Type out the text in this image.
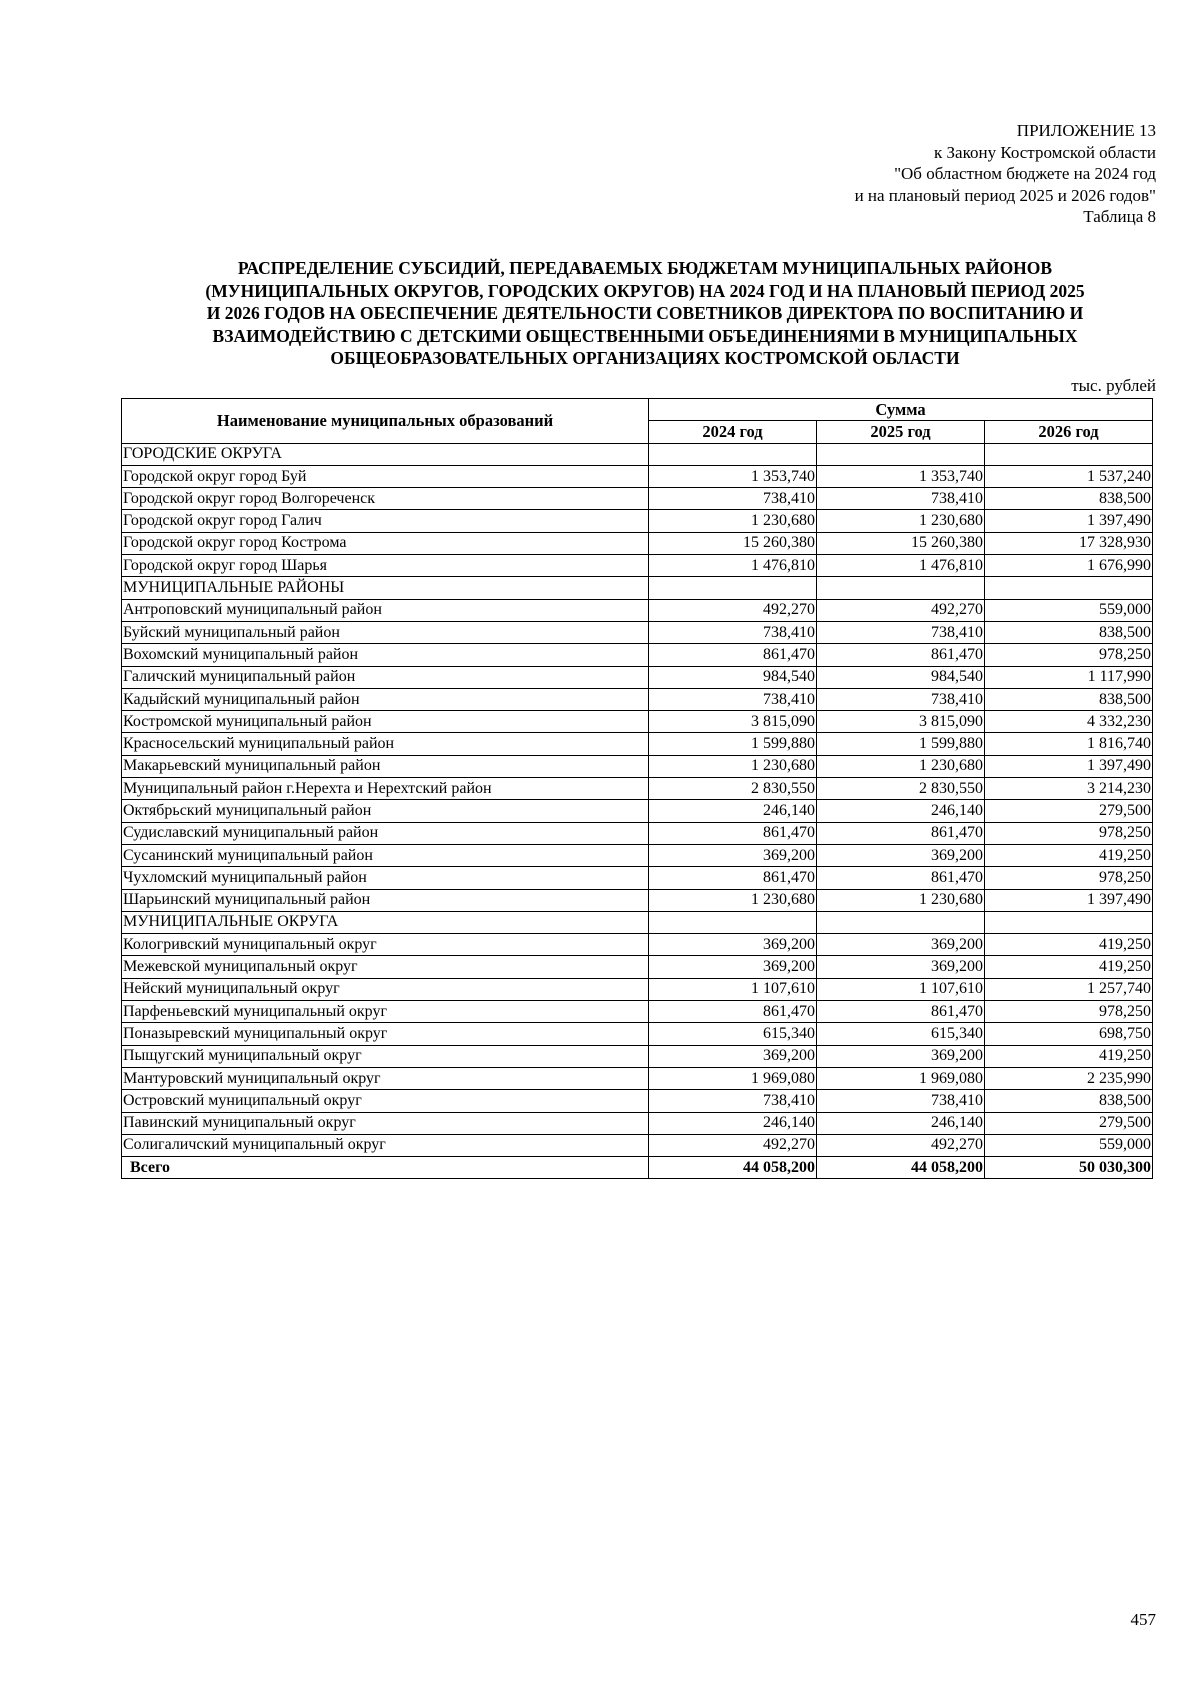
ПРИЛОЖЕНИЕ 13
к Закону Костромской области
"Об областном бюджете на 2024 год
и на плановый период 2025 и 2026 годов"
Таблица 8
РАСПРЕДЕЛЕНИЕ СУБСИДИЙ, ПЕРЕДАВАЕМЫХ БЮДЖЕТАМ МУНИЦИПАЛЬНЫХ РАЙОНОВ
(МУНИЦИПАЛЬНЫХ ОКРУГОВ, ГОРОДСКИХ ОКРУГОВ) НА 2024 ГОД И НА ПЛАНОВЫЙ ПЕРИОД 2025
И 2026 ГОДОВ НА ОБЕСПЕЧЕНИЕ ДЕЯТЕЛЬНОСТИ СОВЕТНИКОВ ДИРЕКТОРА ПО ВОСПИТАНИЮ И
ВЗАИМОДЕЙСТВИЮ С ДЕТСКИМИ ОБЩЕСТВЕННЫМИ ОБЪЕДИНЕНИЯМИ В МУНИЦИПАЛЬНЫХ
ОБЩЕОБРАЗОВАТЕЛЬНЫХ ОРГАНИЗАЦИЯХ КОСТРОМСКОЙ ОБЛАСТИ
тыс. рублей
Наименование муниципальных образований	Сумма		
	2024 год	2025 год	2026 год
ГОРОДСКИЕ ОКРУГА			
Городской округ город Буй	1 353,740	1 353,740	1 537,240
Городской округ город Волгореченск	738,410	738,410	838,500
Городской округ город Галич	1 230,680	1 230,680	1 397,490
Городской округ город Кострома	15 260,380	15 260,380	17 328,930
Городской округ город Шарья	1 476,810	1 476,810	1 676,990
МУНИЦИПАЛЬНЫЕ РАЙОНЫ			
Антроповский муниципальный район	492,270	492,270	559,000
Буйский муниципальный район	738,410	738,410	838,500
Вохомский муниципальный район	861,470	861,470	978,250
Галичский муниципальный район	984,540	984,540	1 117,990
Кадыйский муниципальный район	738,410	738,410	838,500
Костромской муниципальный район	3 815,090	3 815,090	4 332,230
Красносельский муниципальный район	1 599,880	1 599,880	1 816,740
Макарьевский муниципальный район	1 230,680	1 230,680	1 397,490
Муниципальный район г.Нерехта и Нерехтский район	2 830,550	2 830,550	3 214,230
Октябрьский муниципальный район	246,140	246,140	279,500
Судиславский муниципальный район	861,470	861,470	978,250
Сусанинский муниципальный район	369,200	369,200	419,250
Чухломский муниципальный район	861,470	861,470	978,250
Шарьинский муниципальный район	1 230,680	1 230,680	1 397,490
МУНИЦИПАЛЬНЫЕ ОКРУГА			
Кологривский муниципальный округ	369,200	369,200	419,250
Межевской муниципальный округ	369,200	369,200	419,250
Нейский муниципальный округ	1 107,610	1 107,610	1 257,740
Парфеньевский муниципальный округ	861,470	861,470	978,250
Поназыревский муниципальный округ	615,340	615,340	698,750
Пыщугский муниципальный округ	369,200	369,200	419,250
Мантуровский муниципальный округ	1 969,080	1 969,080	2 235,990
Островский муниципальный округ	738,410	738,410	838,500
Павинский муниципальный округ	246,140	246,140	279,500
Солигаличский муниципальный округ	492,270	492,270	559,000
Всего	44 058,200	44 058,200	50 030,300
457
